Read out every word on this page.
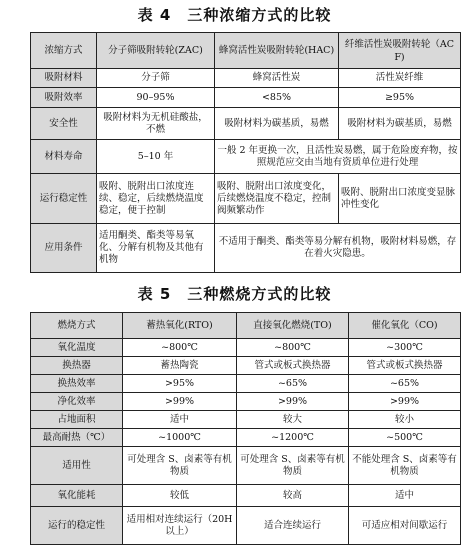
表 4　三种浓缩方式的比较
浓缩方式	分子筛吸附转轮(ZAC)	蜂窝活性炭吸附转轮(HAC)	纤维活性炭吸附转轮（ACF)
吸附材料	分子筛	蜂窝活性炭	活性炭纤维
吸附效率	90–95%	<85%	≥95%
安全性	吸附材料为无机硅酸盐，不燃	吸附材料为碳基质，易燃	吸附材料为碳基质，易燃
材料寿命	5–10 年	一般 2 年更换一次，且活性炭易燃，属于危险废弃物，按照规范应交由当地有资质单位进行处理	
运行稳定性	吸附、脱附出口浓度连续、稳定，后续燃烧温度稳定，便于控制	吸附、脱附出口浓度变化，后续燃烧温度不稳定，控制阀频繁动作	吸附、脱附出口浓度变显脉冲性变化
应用条件	适用酮类、酯类等易氧化、分解有机物及其他有机物	不适用于酮类、酯类等易分解有机物，吸附材料易燃，存在着火灾隐患。	
表 5　三种燃烧方式的比较
燃烧方式	蓄热氧化(RTO)	直接氧化燃烧(TO)	催化氧化（CO)
氧化温度	~800℃	~800℃	~300℃
换热器	蓄热陶瓷	管式或板式换热器	管式或板式换热器
换热效率	>95%	~65%	~65%
净化效率	>99%	>99%	>99%
占地面积	适中	较大	较小
最高耐热（℃）	~1000℃	~1200℃	~500℃
适用性	可处理含 S、卤素等有机物质	可处理含 S、卤素等有机物质	不能处理含 S、卤素等有机物质
氧化能耗	较低	较高	适中
运行的稳定性	适用相对连续运行（20H 以上）	适合连续运行	可适应相对间歇运行
